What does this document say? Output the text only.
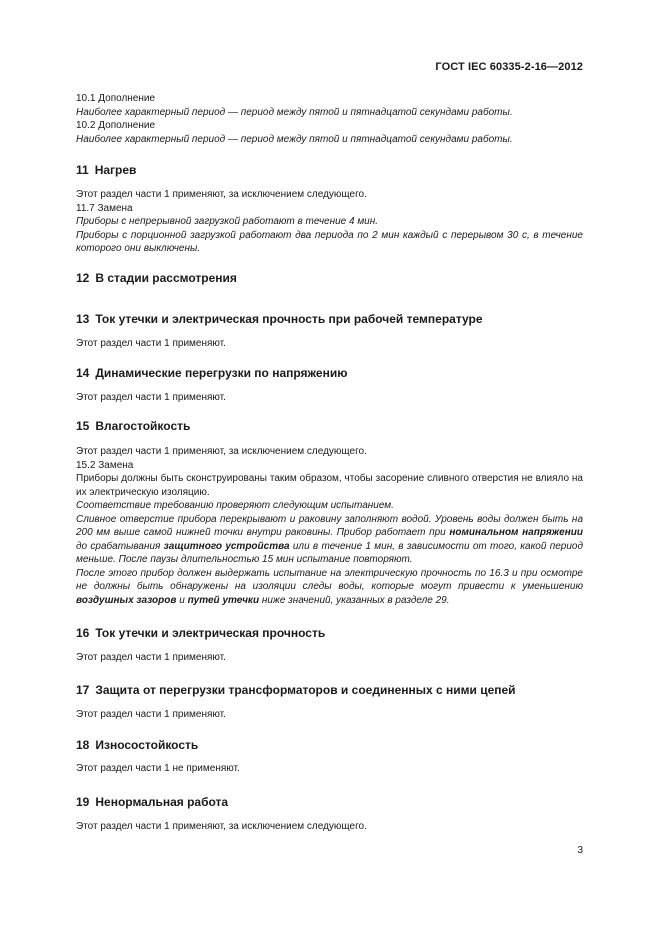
ГОСТ IEC 60335-2-16—2012

10.1 Дополнение

Наиболее характерный период — период между пятой и пятнадцатой секундами работы.

10.2 Дополнение

Наиболее характерный период — период между пятой и пятнадцатой секундами работы.

11 Нагрев

Этот раздел части 1 применяют, за исключением следующего.

11.7 Замена

Приборы с непрерывной загрузкой работают в течение 4 мин.

Приборы с порционной загрузкой работают два периода по 2 мин каждый с перерывом 30 с, в течение которого они выключены.

12 В стадии рассмотрения
13 Ток утечки и электрическая прочность при рабочей температуре

Этот раздел части 1 применяют.

14 Динамические перегрузки по напряжению

Этот раздел части 1 применяют.

15 Влагостойкость

Этот раздел части 1 применяют, за исключением следующего.

15.2 Замена

Приборы должны быть сконструированы таким образом, чтобы засорение сливного отверстия не влияло на их электрическую изоляцию.

Соответствие требованию проверяют следующим испытанием.

Сливное отверстие прибора перекрывают и раковину заполняют водой. Уровень воды должен быть на 200 мм выше самой нижней точки внутри раковины. Прибор работает при номинальном напряжении до срабатывания защитного устройства или в течение 1 мин, в зависимости от того, какой период меньше. После паузы длительностью 15 мин испытание повторяют.

После этого прибор должен выдержать испытание на электрическую прочность по 16.3 и при осмотре не должны быть обнаружены на изоляции следы воды, которые могут привести к уменьшению воздушных зазоров и путей утечки ниже значений, указанных в разделе 29.

16 Ток утечки и электрическая прочность

Этот раздел части 1 применяют.

17 Защита от перегрузки трансформаторов и соединенных с ними цепей

Этот раздел части 1 применяют.

18 Износостойкость

Этот раздел части 1 не применяют.

19 Ненормальная работа

Этот раздел части 1 применяют, за исключением следующего.

3
